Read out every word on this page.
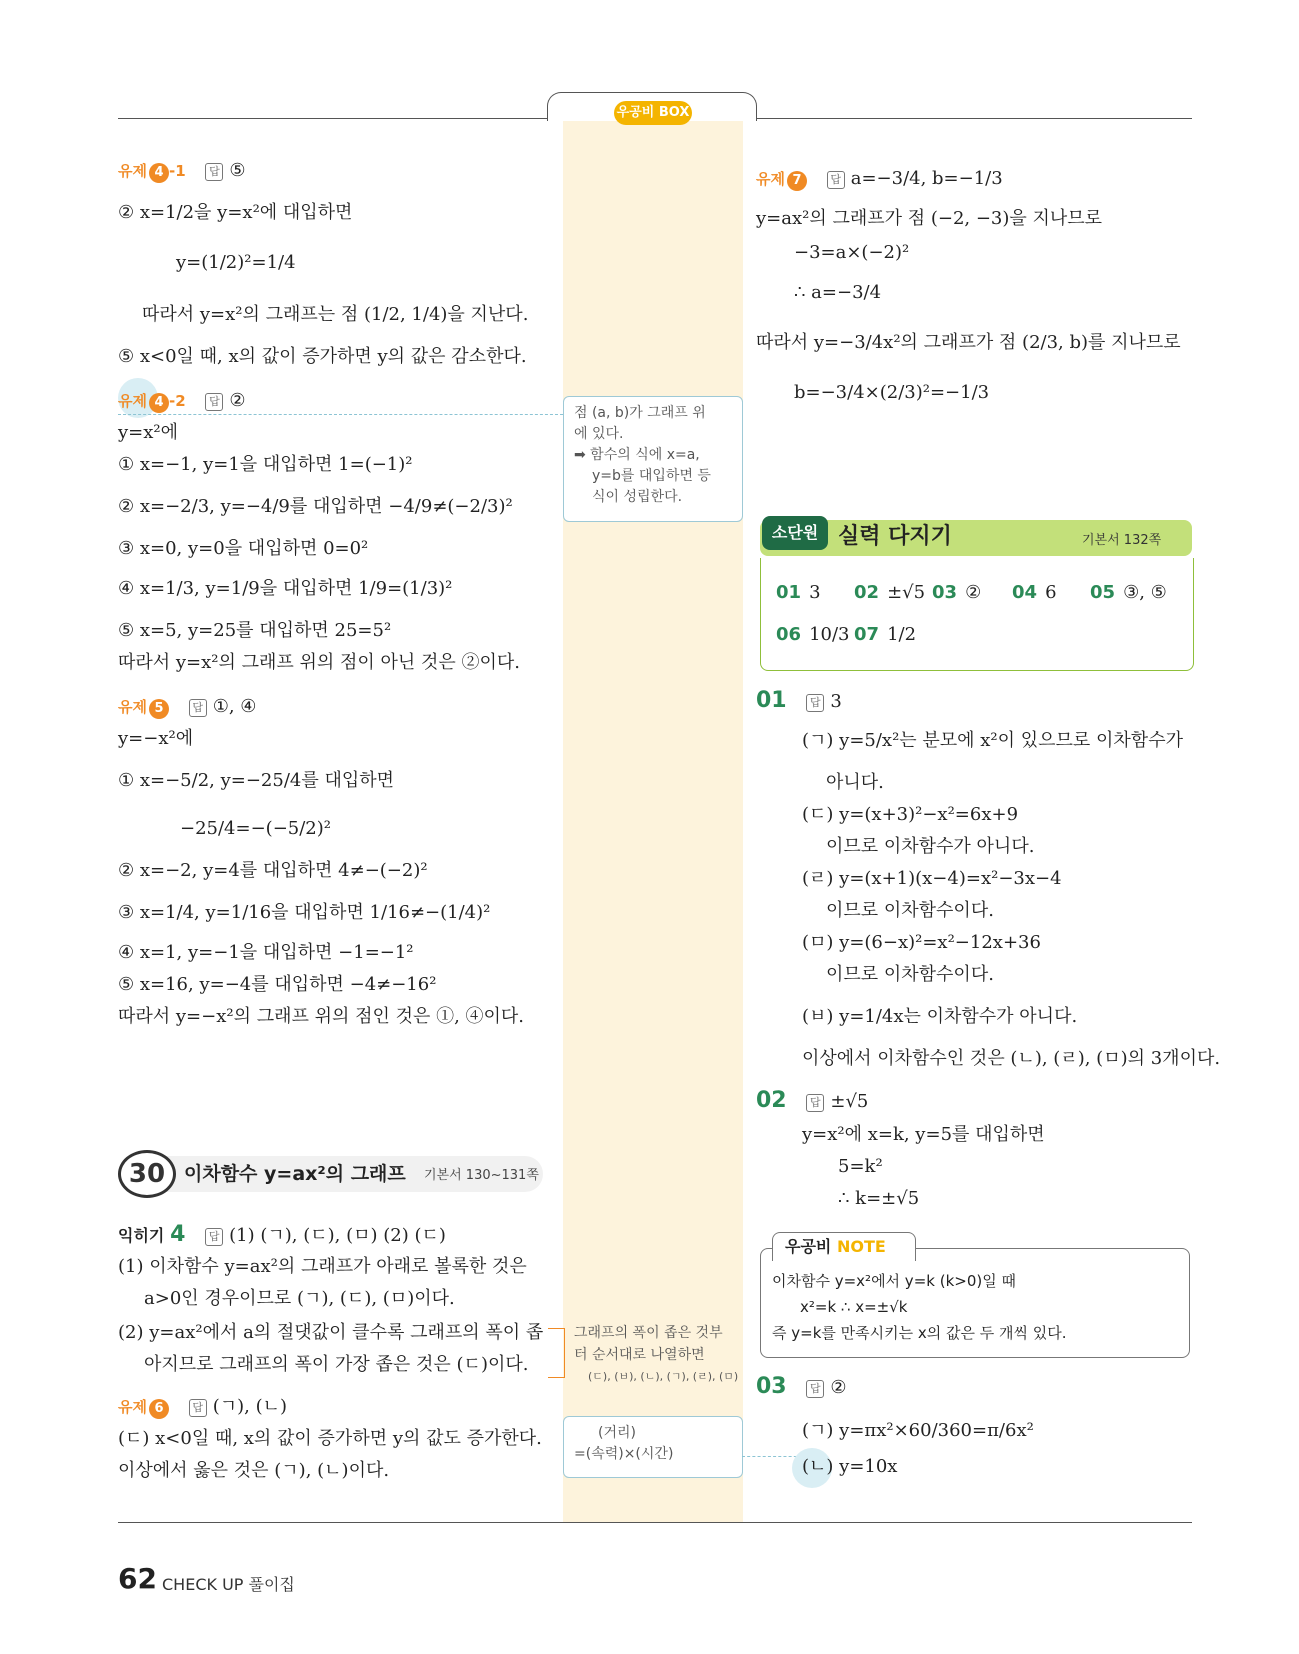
우공비 BOX
유제 4 -1 답 ⑤
② x=1/2을 y=x²에 대입하면
y=(1/2)²=1/4
따라서 y=x²의 그래프는 점 (1/2, 1/4)을 지난다.
⑤ x<0일 때, x의 값이 증가하면 y의 값은 감소한다.
유제 4 -2 답 ②
y=x²에
① x=−1, y=1을 대입하면 1=(−1)²
② x=−2/3, y=−4/9를 대입하면 −4/9≠(−2/3)²
③ x=0, y=0을 대입하면 0=0²
④ x=1/3, y=1/9을 대입하면 1/9=(1/3)²
⑤ x=5, y=25를 대입하면 25=5²
따라서 y=x²의 그래프 위의 점이 아닌 것은 ②이다.
유제 5	답 ①, ④
y=−x²에
① x=−5/2, y=−25/4를 대입하면
−25/4=−(−5/2)²
② x=−2, y=4를 대입하면 4≠−(−2)²
③ x=1/4, y=1/16을 대입하면 1/16≠−(1/4)²
④ x=1, y=−1을 대입하면 −1=−1²
⑤ x=16, y=−4를 대입하면 −4≠−16²
따라서 y=−x²의 그래프 위의 점인 것은 ①, ④이다.
30 이차함수 y=ax²의 그래프 기본서 130~131쪽
익히기 4 답 (1) (ㄱ), (ㄷ), (ㅁ) (2) (ㄷ)
(1) 이차함수 y=ax²의 그래프가 아래로 볼록한 것은
a>0인 경우이므로 (ㄱ), (ㄷ), (ㅁ)이다.
(2) y=ax²에서 a의 절댓값이 클수록 그래프의 폭이 좁
아지므로 그래프의 폭이 가장 좁은 것은 (ㄷ)이다.
유제 6	답 (ㄱ), (ㄴ)
(ㄷ) x<0일 때, x의 값이 증가하면 y의 값도 증가한다.
이상에서 옳은 것은 (ㄱ), (ㄴ)이다.
점 (a, b)가 그래프 위
에 있다.
➡ 함수의 식에 x=a,
y=b를 대입하면 등
식이 성립한다.
그래프의 폭이 좁은 것부
터 순서대로 나열하면
(ㄷ), (ㅂ), (ㄴ), (ㄱ), (ㄹ), (ㅁ)
(거리)
=(속력)×(시간)
유제 7	답 a=−3/4, b=−1/3
y=ax²의 그래프가 점 (−2, −3)을 지나므로
−3=a×(−2)²
∴ a=−3/4
따라서 y=−3/4x²의 그래프가 점 (2/3, b)를 지나므로
b=−3/4×(2/3)²=−1/3
소단원 실력 다지기	기본서 132쪽
01 3 02 ±√5 03 ② 04 6 05 ③, ⑤
06 10/3 07 1/2
01 답 3
(ㄱ) y=5/x²는 분모에 x²이 있으므로 이차함수가
아니다.
(ㄷ) y=(x+3)²−x²=6x+9
이므로 이차함수가 아니다.
(ㄹ) y=(x+1)(x−4)=x²−3x−4
이므로 이차함수이다.
(ㅁ) y=(6−x)²=x²−12x+36
이므로 이차함수이다.
(ㅂ) y=1/4x는 이차함수가 아니다.
이상에서 이차함수인 것은 (ㄴ), (ㄹ), (ㅁ)의 3개이다.
02 답 ±√5
y=x²에 x=k, y=5를 대입하면
5=k²
∴ k=±√5
우공비 NOTE
이차함수 y=x²에서 y=k (k>0)일 때
x²=k ∴ x=±√k
즉 y=k를 만족시키는 x의 값은 두 개씩 있다.
03 답 ②
(ㄱ) y=πx²×60/360=π/6x²
(ㄴ) y=10x
62 CHECK UP 풀이집
